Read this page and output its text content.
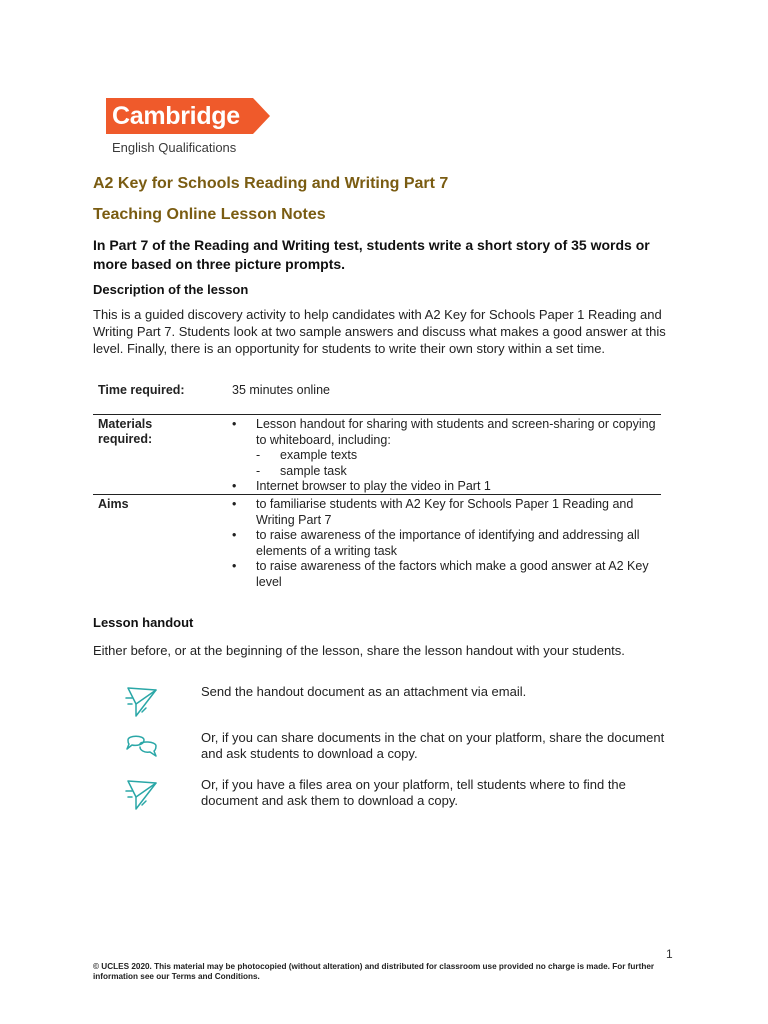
Cambridge
English Qualifications
A2 Key for Schools Reading and Writing Part 7
Teaching Online Lesson Notes
In Part 7 of the Reading and Writing test, students write a short story of 35 words or more based on three picture prompts.
Description of the lesson
This is a guided discovery activity to help candidates with A2 Key for Schools Paper 1 Reading and Writing Part 7. Students look at two sample answers and discuss what makes a good answer at this level. Finally, there is an opportunity for students to write their own story within a set time.
Time required:	35 minutes online
Materials required:
• Lesson handout for sharing with students and screen-sharing or copying to whiteboard, including:
- example texts
- sample task
• Internet browser to play the video in Part 1
Aims
•	to familiarise students with A2 Key for Schools Paper 1 Reading and Writing Part 7
• to raise awareness of the importance of identifying and addressing all elements of a writing task
• to raise awareness of the factors which make a good answer at A2 Key level
Lesson handout
Either before, or at the beginning of the lesson, share the lesson handout with your students.
Send the handout document as an attachment via email.
Or, if you can share documents in the chat on your platform, share the document and ask students to download a copy.
Or, if you have a files area on your platform, tell students where to find the document and ask them to download a copy.
1
© UCLES 2020. This material may be photocopied (without alteration) and distributed for classroom use provided no charge is made. For further information see our Terms and Conditions.
